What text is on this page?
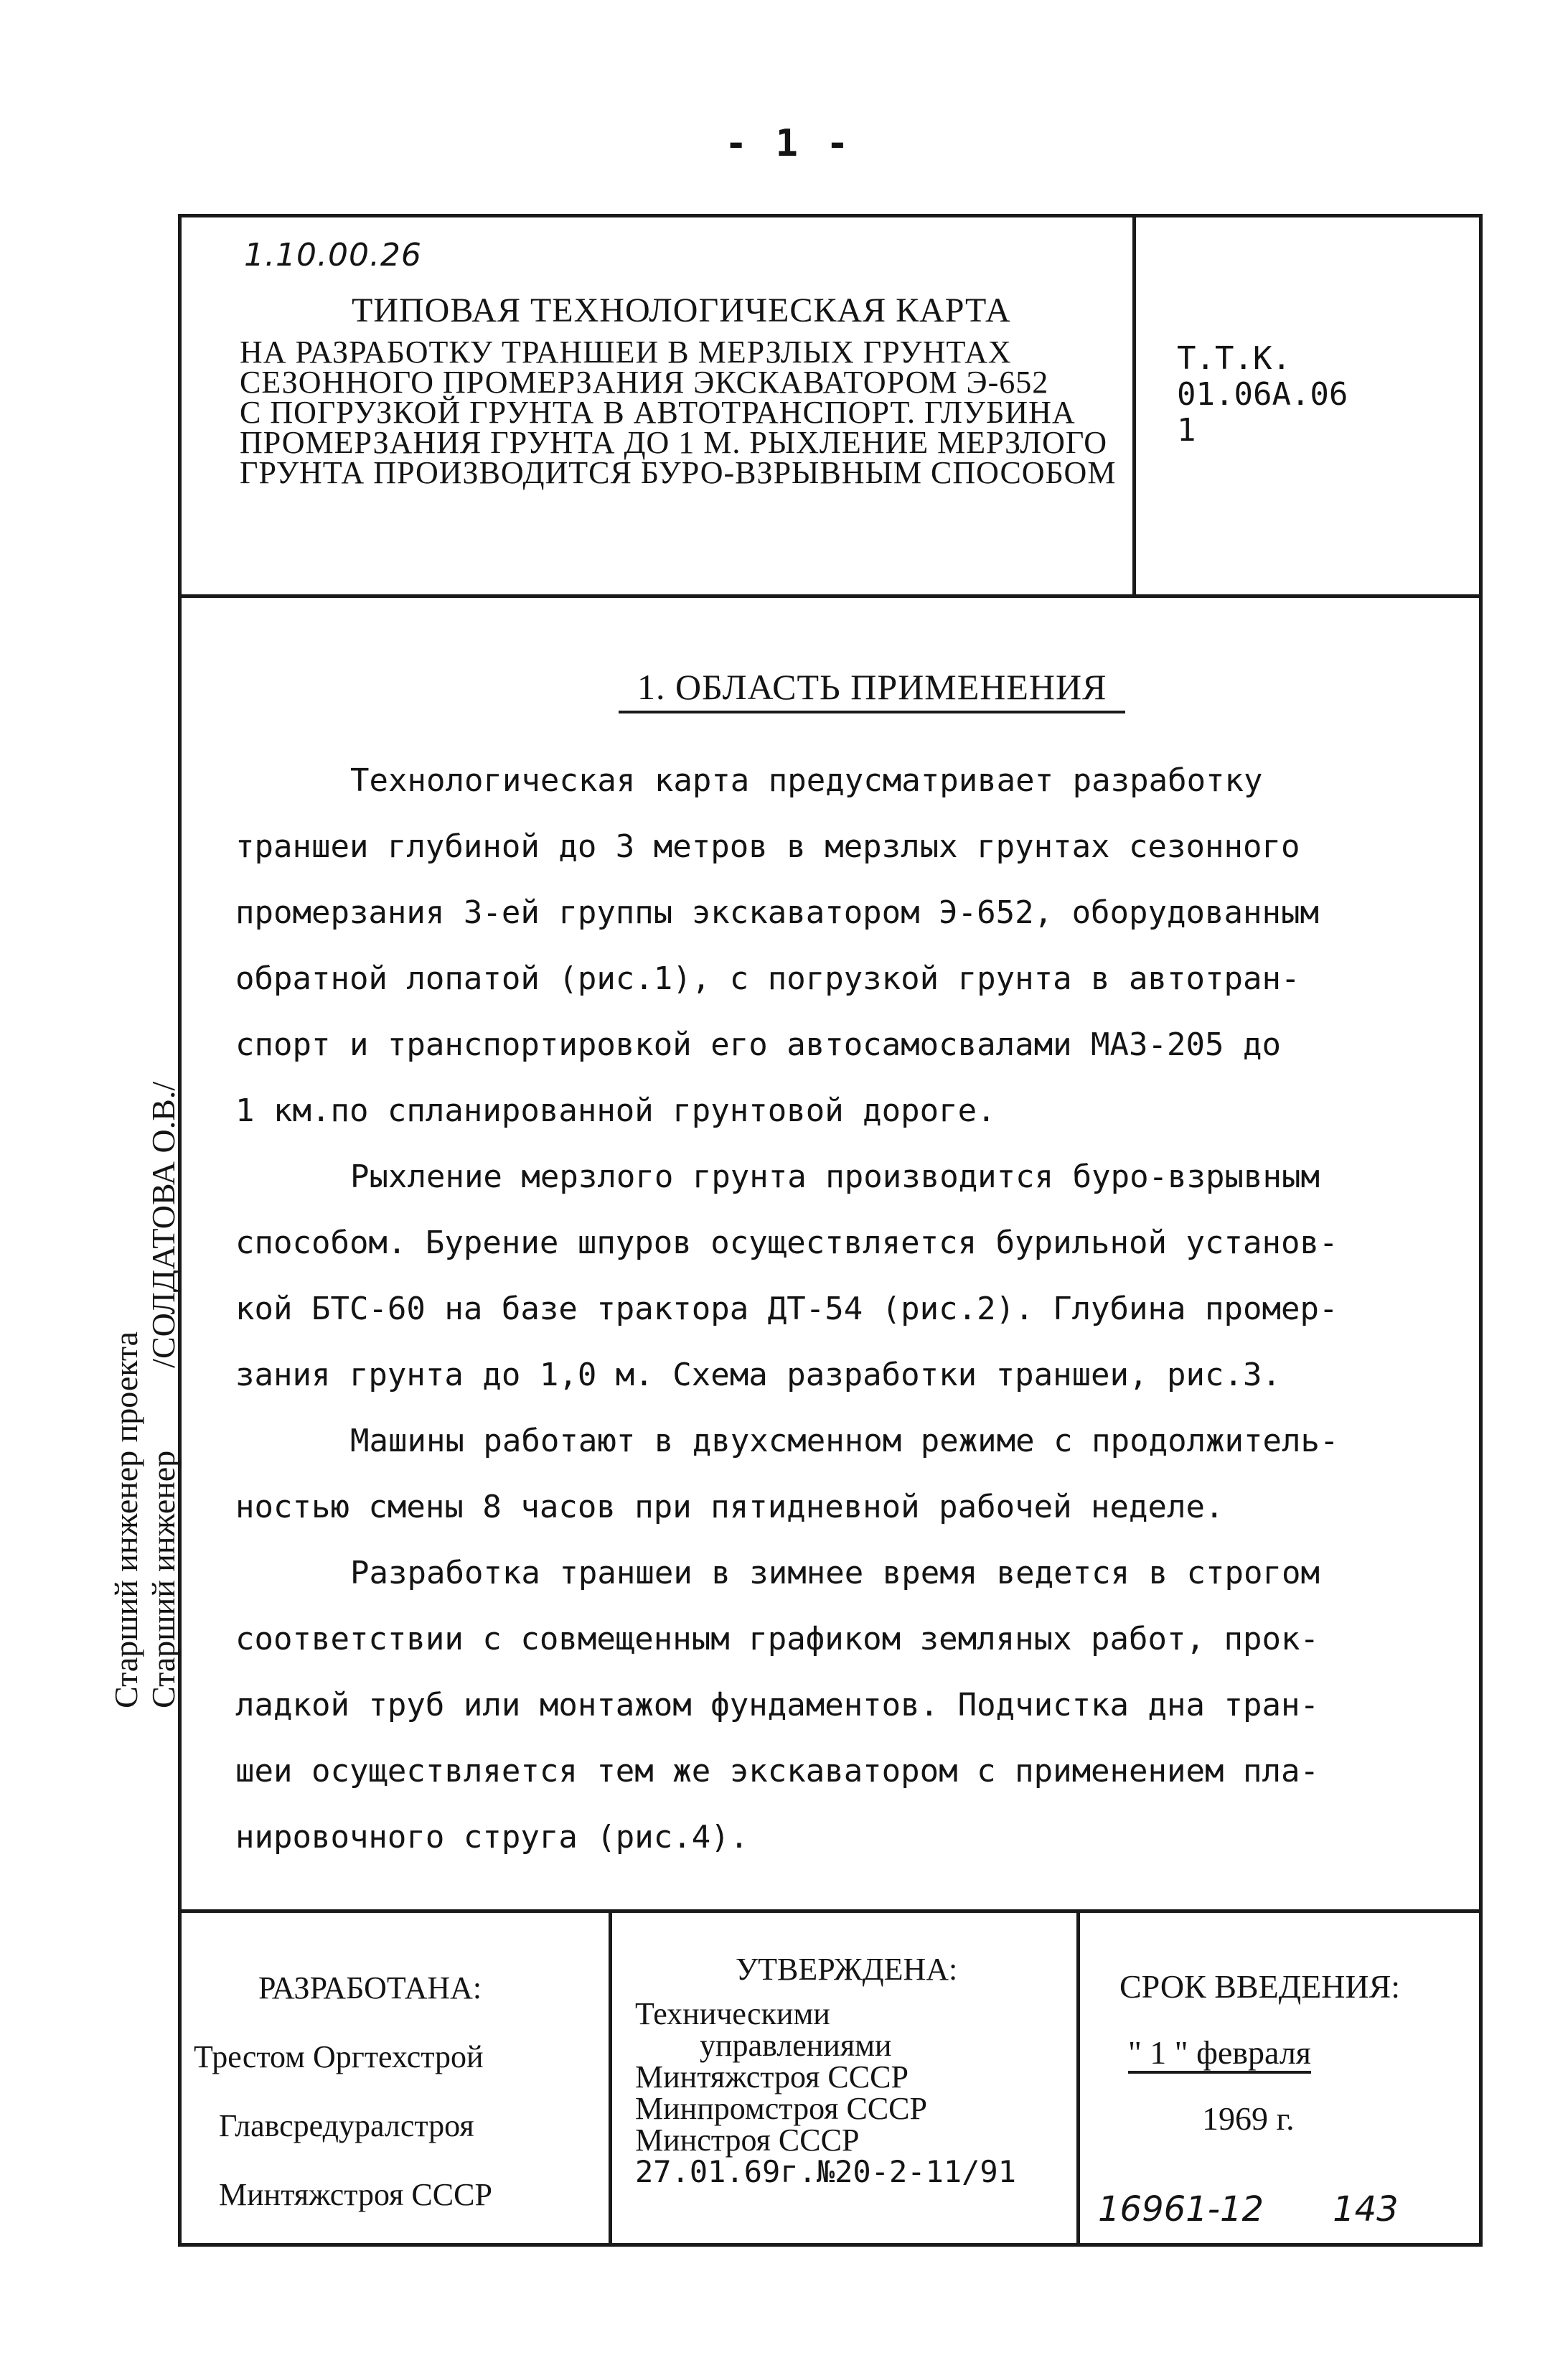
- 1 -
1.10.00.26
ТИПОВАЯ ТЕХНОЛОГИЧЕСКАЯ КАРТА
НА РАЗРАБОТКУ ТРАНШЕИ В МЕРЗЛЫХ ГРУНТАХ
СЕЗОННОГО ПРОМЕРЗАНИЯ ЭКСКАВАТОРОМ Э-652
С ПОГРУЗКОЙ ГРУНТА В АВТОТРАНСПОРТ. ГЛУБИНА
ПРОМЕРЗАНИЯ ГРУНТА ДО 1 М. РЫХЛЕНИЕ МЕРЗЛОГО
ГРУНТА ПРОИЗВОДИТСЯ БУРО-ВЗРЫВНЫМ СПОСОБОМ
Т.Т.К.
01.06А.06
1
1. ОБЛАСТЬ ПРИМЕНЕНИЯ
Технологическая карта предусматривает разработку
траншеи глубиной до 3 метров в мерзлых грунтах сезонного
промерзания 3-ей группы экскаватором Э-652, оборудованным
обратной лопатой (рис.1), с погрузкой грунта в автотран-
спорт и транспортировкой его автосамосвалами МАЗ-205 до
1 км.по спланированной грунтовой дороге.
Рыхление мерзлого грунта производится буро-взрывным
способом. Бурение шпуров осуществляется бурильной установ-
кой БТС-60 на базе трактора ДТ-54 (рис.2). Глубина промер-
зания грунта до 1,0 м. Схема разработки траншеи, рис.3.
Машины работают в двухсменном режиме с продолжитель-
ностью смены 8 часов при пятидневной рабочей неделе.
Разработка траншеи в зимнее время ведется в строгом
соответствии с совмещенным графиком земляных работ, прок-
ладкой труб или монтажом фундаментов. Подчистка дна тран-
шеи осуществляется тем же экскаватором с применением пла-
нировочного струга (рис.4).
Старший инженер проекта Старший инженер          /СОЛДАТОВА О.В./
РАЗРАБОТАНА:
Трестом Оргтехстрой
Главсредуралстроя
Минтяжстроя СССР
УТВЕРЖДЕНА:
Техническими
управлениями
Минтяжстроя СССР
Минпромстроя СССР
Минстроя СССР
27.01.69г.№20-2-11/91
СРОК ВВЕДЕНИЯ:
" 1 " февраля
1969 г.
16961-12 143
